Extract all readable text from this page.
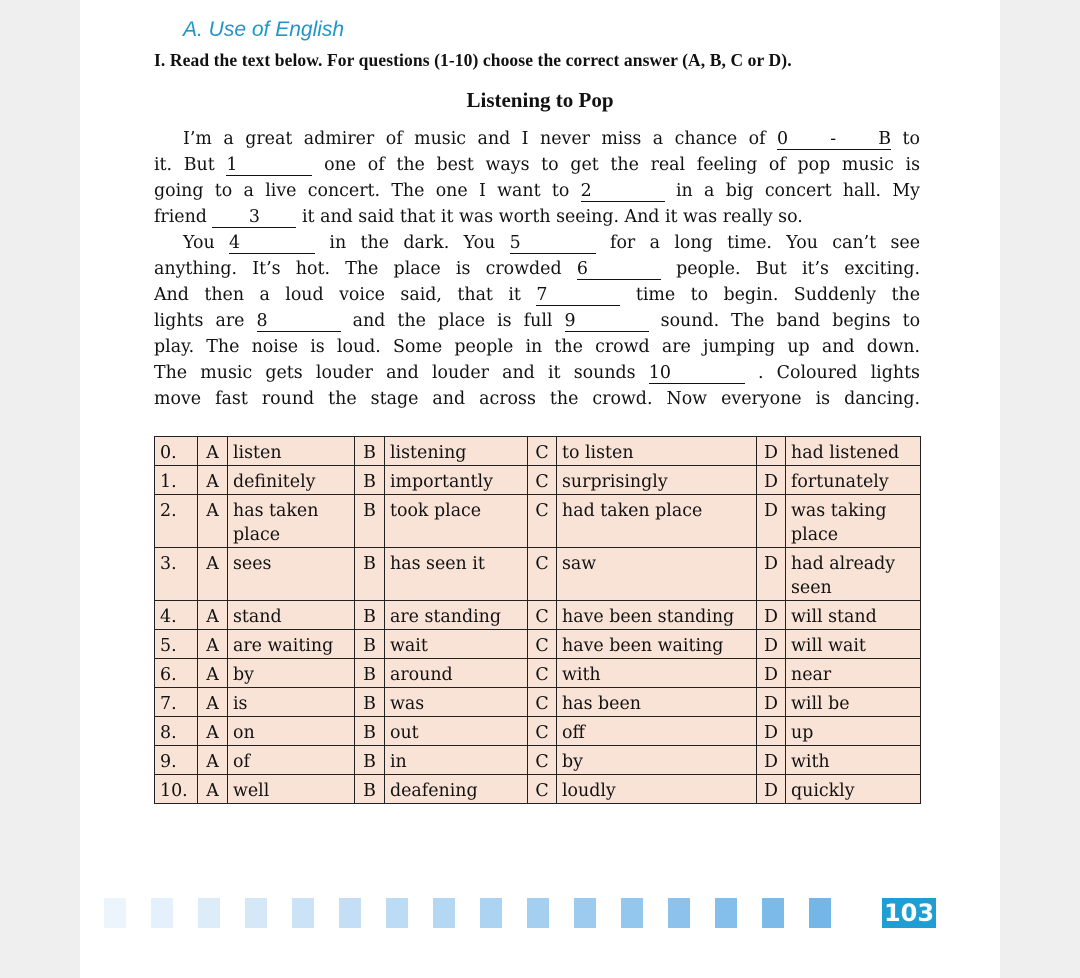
A. Use of English
I. Read the text below. For questions (1-10) choose the correct answer (A, B, C or D).
Listening to Pop
I’m a great admirer of music and I never miss a chance of 0 - B to
it. But 1	one of the best ways to get the real feeling of pop music is
going to a live concert. The one I want to 2	in a big concert hall. My
friend 3 it and said that it was worth seeing. And it was really so.
You 4	in the dark. You 5	for a long time. You can’t see
anything. It’s hot. The place is crowded 6	people. But it’s exciting.
And then a loud voice said, that it 7	time to begin. Suddenly the
lights are 8	and the place is full 9	sound. The band begins to
play. The noise is loud. Some people in the crowd are jumping up and down.
The music gets louder and louder and it sounds 10	. Coloured lights
move fast round the stage and across the crowd. Now everyone is dancing.
0.	A	listen	B	listening	C	to listen	D	had listened
1.	A	definitely	B	importantly	C	surprisingly	D	fortunately
2.	A	has taken place	B	took place	C	had taken place	D	was taking place
3.	A	sees	B	has seen it	C	saw	D	had already seen
4.	A	stand	B	are standing	C	have been standing	D	will stand
5.	A	are waiting	B	wait	C	have been waiting	D	will wait
6.	A	by	B	around	C	with	D	near
7.	A	is	B	was	C	has been	D	will be
8.	A	on	B	out	C	off	D	up
9.	A	of	B	in	C	by	D	with
10.	A	well	B	deafening	C	loudly	D	quickly
103
